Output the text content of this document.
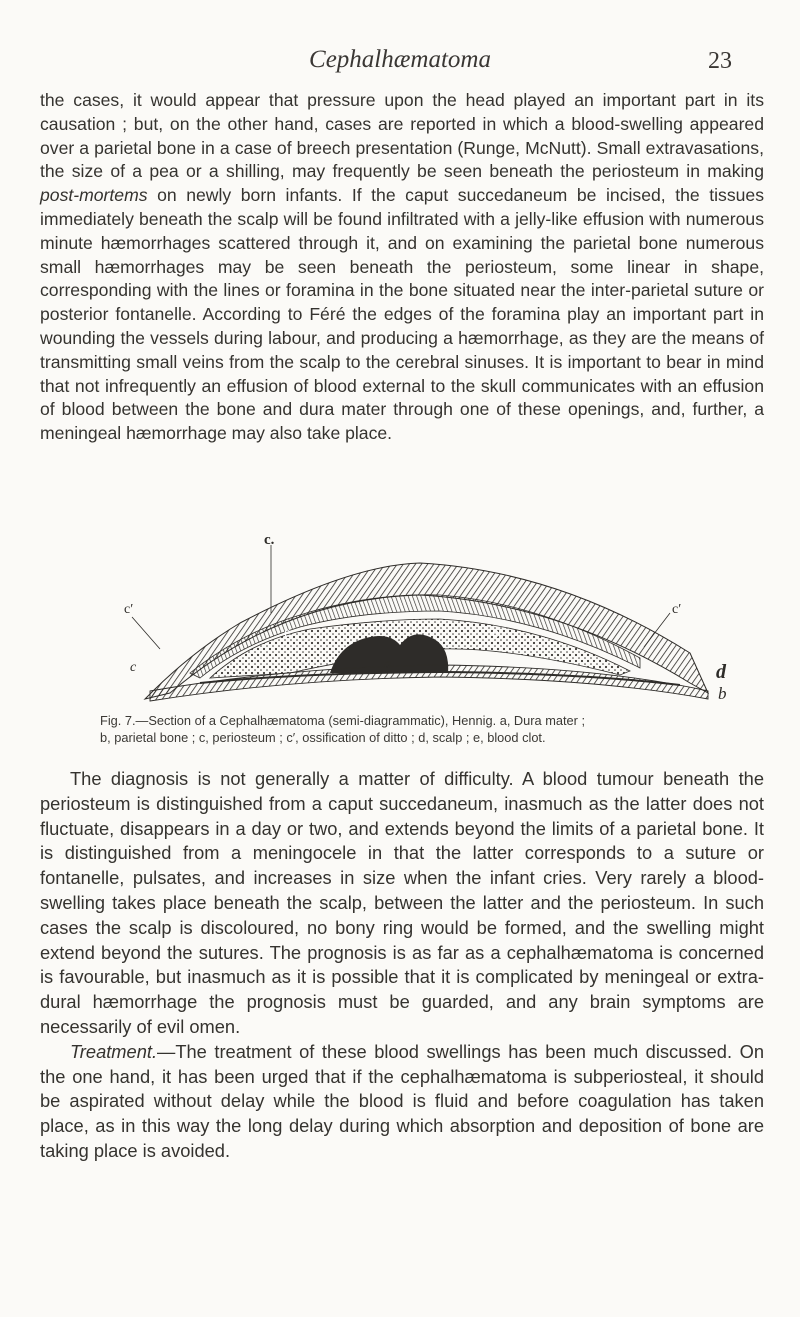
Cephalhæmatoma	23

the cases, it would appear that pressure upon the head played an important part in its causation ; but, on the other hand, cases are reported in which a blood-swelling appeared over a parietal bone in a case of breech presentation (Runge, McNutt). Small extravasations, the size of a pea or a shilling, may frequently be seen beneath the periosteum in making post-mortems on newly born infants. If the caput succedaneum be incised, the tissues immediately beneath the scalp will be found infiltrated with a jelly-like effusion with numerous minute hæmorrhages scattered through it, and on examining the parietal bone numerous small hæmorrhages may be seen beneath the periosteum, some linear in shape, corresponding with the lines or foramina in the bone situated near the inter-parietal suture or posterior fontanelle. According to Féré the edges of the foramina play an important part in wounding the vessels during labour, and producing a hæmorrhage, as they are the means of transmitting small veins from the scalp to the cerebral sinuses. It is important to bear in mind that not infrequently an effusion of blood external to the skull communicates with an effusion of blood between the bone and dura mater through one of these openings, and, further, a meningeal hæmorrhage may also take place.

c.
c′	c′
c	a
e	e
d
b
Fig. 7.—Section of a Cephalhæmatoma (semi-diagrammatic), Hennig. a, Dura mater ;
b, parietal bone ; c, periosteum ; c′, ossification of ditto ; d, scalp ; e, blood clot.

The diagnosis is not generally a matter of difficulty. A blood tumour beneath the periosteum is distinguished from a caput succedaneum, inasmuch as the latter does not fluctuate, disappears in a day or two, and extends beyond the limits of a parietal bone. It is distinguished from a meningocele in that the latter corresponds to a suture or fontanelle, pulsates, and increases in size when the infant cries. Very rarely a blood-swelling takes place beneath the scalp, between the latter and the periosteum. In such cases the scalp is discoloured, no bony ring would be formed, and the swelling might extend beyond the sutures. The prognosis is as far as a cephalhæmatoma is concerned is favourable, but inasmuch as it is possible that it is complicated by meningeal or extra-dural hæmorrhage the prognosis must be guarded, and any brain symptoms are necessarily of evil omen.

Treatment.—The treatment of these blood swellings has been much discussed. On the one hand, it has been urged that if the cephalhæmatoma is subperiosteal, it should be aspirated without delay while the blood is fluid and before coagulation has taken place, as in this way the long delay during which absorption and deposition of bone are taking place is avoided.
